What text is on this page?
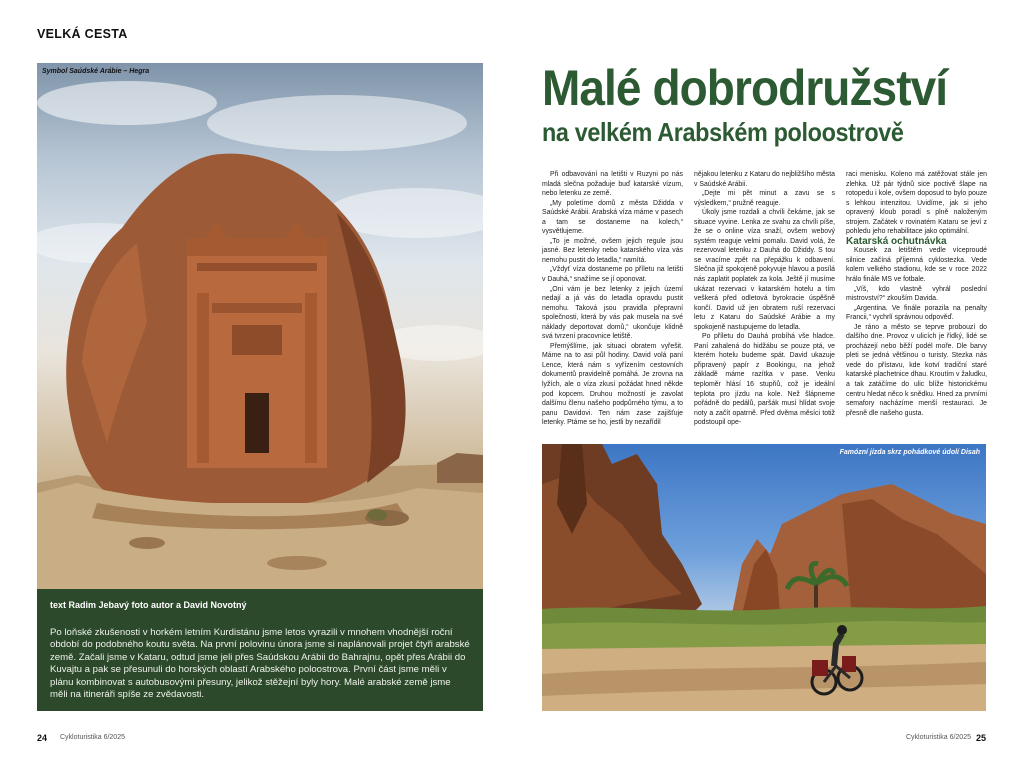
VELKÁ CESTA
Symbol Saúdské Arábie – Hegra
text Radim Jebavý foto autor a David Novotný
Po loňské zkušenosti v horkém letním Kurdistánu jsme letos vyrazili v mnohem vhodnější roční období do podobného koutu světa. Na první polovinu února jsme si naplánovali projet čtyři arabské země. Začali jsme v Kataru, odtud jsme jeli přes Saúdskou Arábii do Bahrajnu, opět přes Arábii do Kuvajtu a pak se přesunuli do horských oblastí Arabského poloostrova. První část jsme měli v plánu kombinovat s autobusovými přesuny, jelikož stěžejní byly hory. Malé arabské země jsme měli na itineráři spíše ze zvědavosti.
Malé dobrodružství
na velkém Arabském poloostrově

Při odbavování na letišti v Ruzyni po nás mladá slečna požaduje buď katarské vízum, nebo letenku ze země.

„My poletíme domů z města Džidda v Saúdské Arábii. Arabská víza máme v pasech a tam se dostaneme na kolech,“ vysvětlujeme.

„To je možné, ovšem jejich regule jsou jasné. Bez letenky nebo katarského víza vás nemohu pustit do letadla,“ namítá.

„Vždyť víza dostaneme po příletu na letišti v Dauhá,“ snažíme se jí oponovat.

„Oni vám je bez letenky z jejich území nedají a já vás do letadla opravdu pustit nemohu. Taková jsou pravidla přepravní společnosti, která by vás pak musela na své náklady deportovat domů,“ ukončuje klidně svá tvrzení pracovnice letiště.

Přemýšlíme, jak situaci obratem vyřešit. Máme na to asi půl hodiny. David volá paní Lence, která nám s vyřízením cestovních dokumentů pravidelně pomáhá. Je zrovna na lyžích, ale o víza zkusí požádat hned někde pod kopcem. Druhou možností je zavolat dalšímu členu našeho podpůrného týmu, a to panu Davidovi. Ten nám zase zajišťuje letenky. Ptáme se ho, jestli by nezařídil

nějakou letenku z Kataru do nejbližšího města v Saúdské Arábii.

„Dejte mi pět minut a zavu se s výsledkem,“ pružně reaguje.

Úkoly jsme rozdali a chvíli čekáme, jak se situace vyvine. Lenka ze svahu za chvíli píše, že se o online víza snaží, ovšem webový systém reaguje velmi pomalu. David volá, že rezervoval letenku z Dauhá do Džiddy. S tou se vracíme zpět na přepážku k odbavení. Slečna již spokojeně pokyvuje hlavou a posílá nás zaplatit poplatek za kola. Ještě jí musíme ukázat rezervaci v katarském hotelu a tím veškerá před odletová byrokracie úspěšně končí. David už jen obratem ruší rezervaci letu z Kataru do Saúdské Arábie a my spokojeně nastupujeme do letadla.

Po příletu do Dauhá probíhá vše hladce. Paní zahalená do hidžábu se pouze ptá, ve kterém hotelu budeme spát. David ukazuje připravený papír z Bookingu, na jehož základě máme razítka v pase. Venku teploměr hlásí 16 stupňů, což je ideální teplota pro jízdu na kole. Než šlápneme pořádně do pedálů, paršák musí hlídat svoje noty a začít opatrně. Před dvěma měsíci totiž podstoupil ope-

raci menisku. Koleno má zatěžovat stále jen zlehka. Už pár týdnů sice poctivě šlape na rotopedu i kole, ovšem doposud to bylo pouze s lehkou intenzitou. Uvidíme, jak si jeho opravený kloub poradí s plně naloženým strojem. Začátek v rovinatém Kataru se jeví z pohledu jeho rehabilitace jako optimální.

Katarská ochutnávka

Kousek za letištěm vedle víceproudé silnice začíná příjemná cyklostezka. Vede kolem velkého stadionu, kde se v roce 2022 hrálo finále MS ve fotbale.

„Víš, kdo vlastně vyhrál poslední mistrovství?“ zkouším Davida.

„Argentina. Ve finále porazila na penalty Francii,“ vychrlí správnou odpověď.

Je ráno a město se teprve probouzí do dalšího dne. Provoz v ulicích je řídký, lidé se procházejí nebo běží podél moře. Dle barvy pleti se jedná většinou o turisty. Stezka nás vede do přístavu, kde kotví tradiční staré katarské plachetnice dhau. Kroutím v žaludku, a tak zatáčíme do ulic blíže historickému centru hledat něco k snědku. Hned za prvními semafory nacházíme menší restauraci. Je přesně dle našeho gusta.

Famózní jízda skrz pohádkové údolí Disah
24 Cykloturistika 6/2025	Cykloturistika 6/2025 25
